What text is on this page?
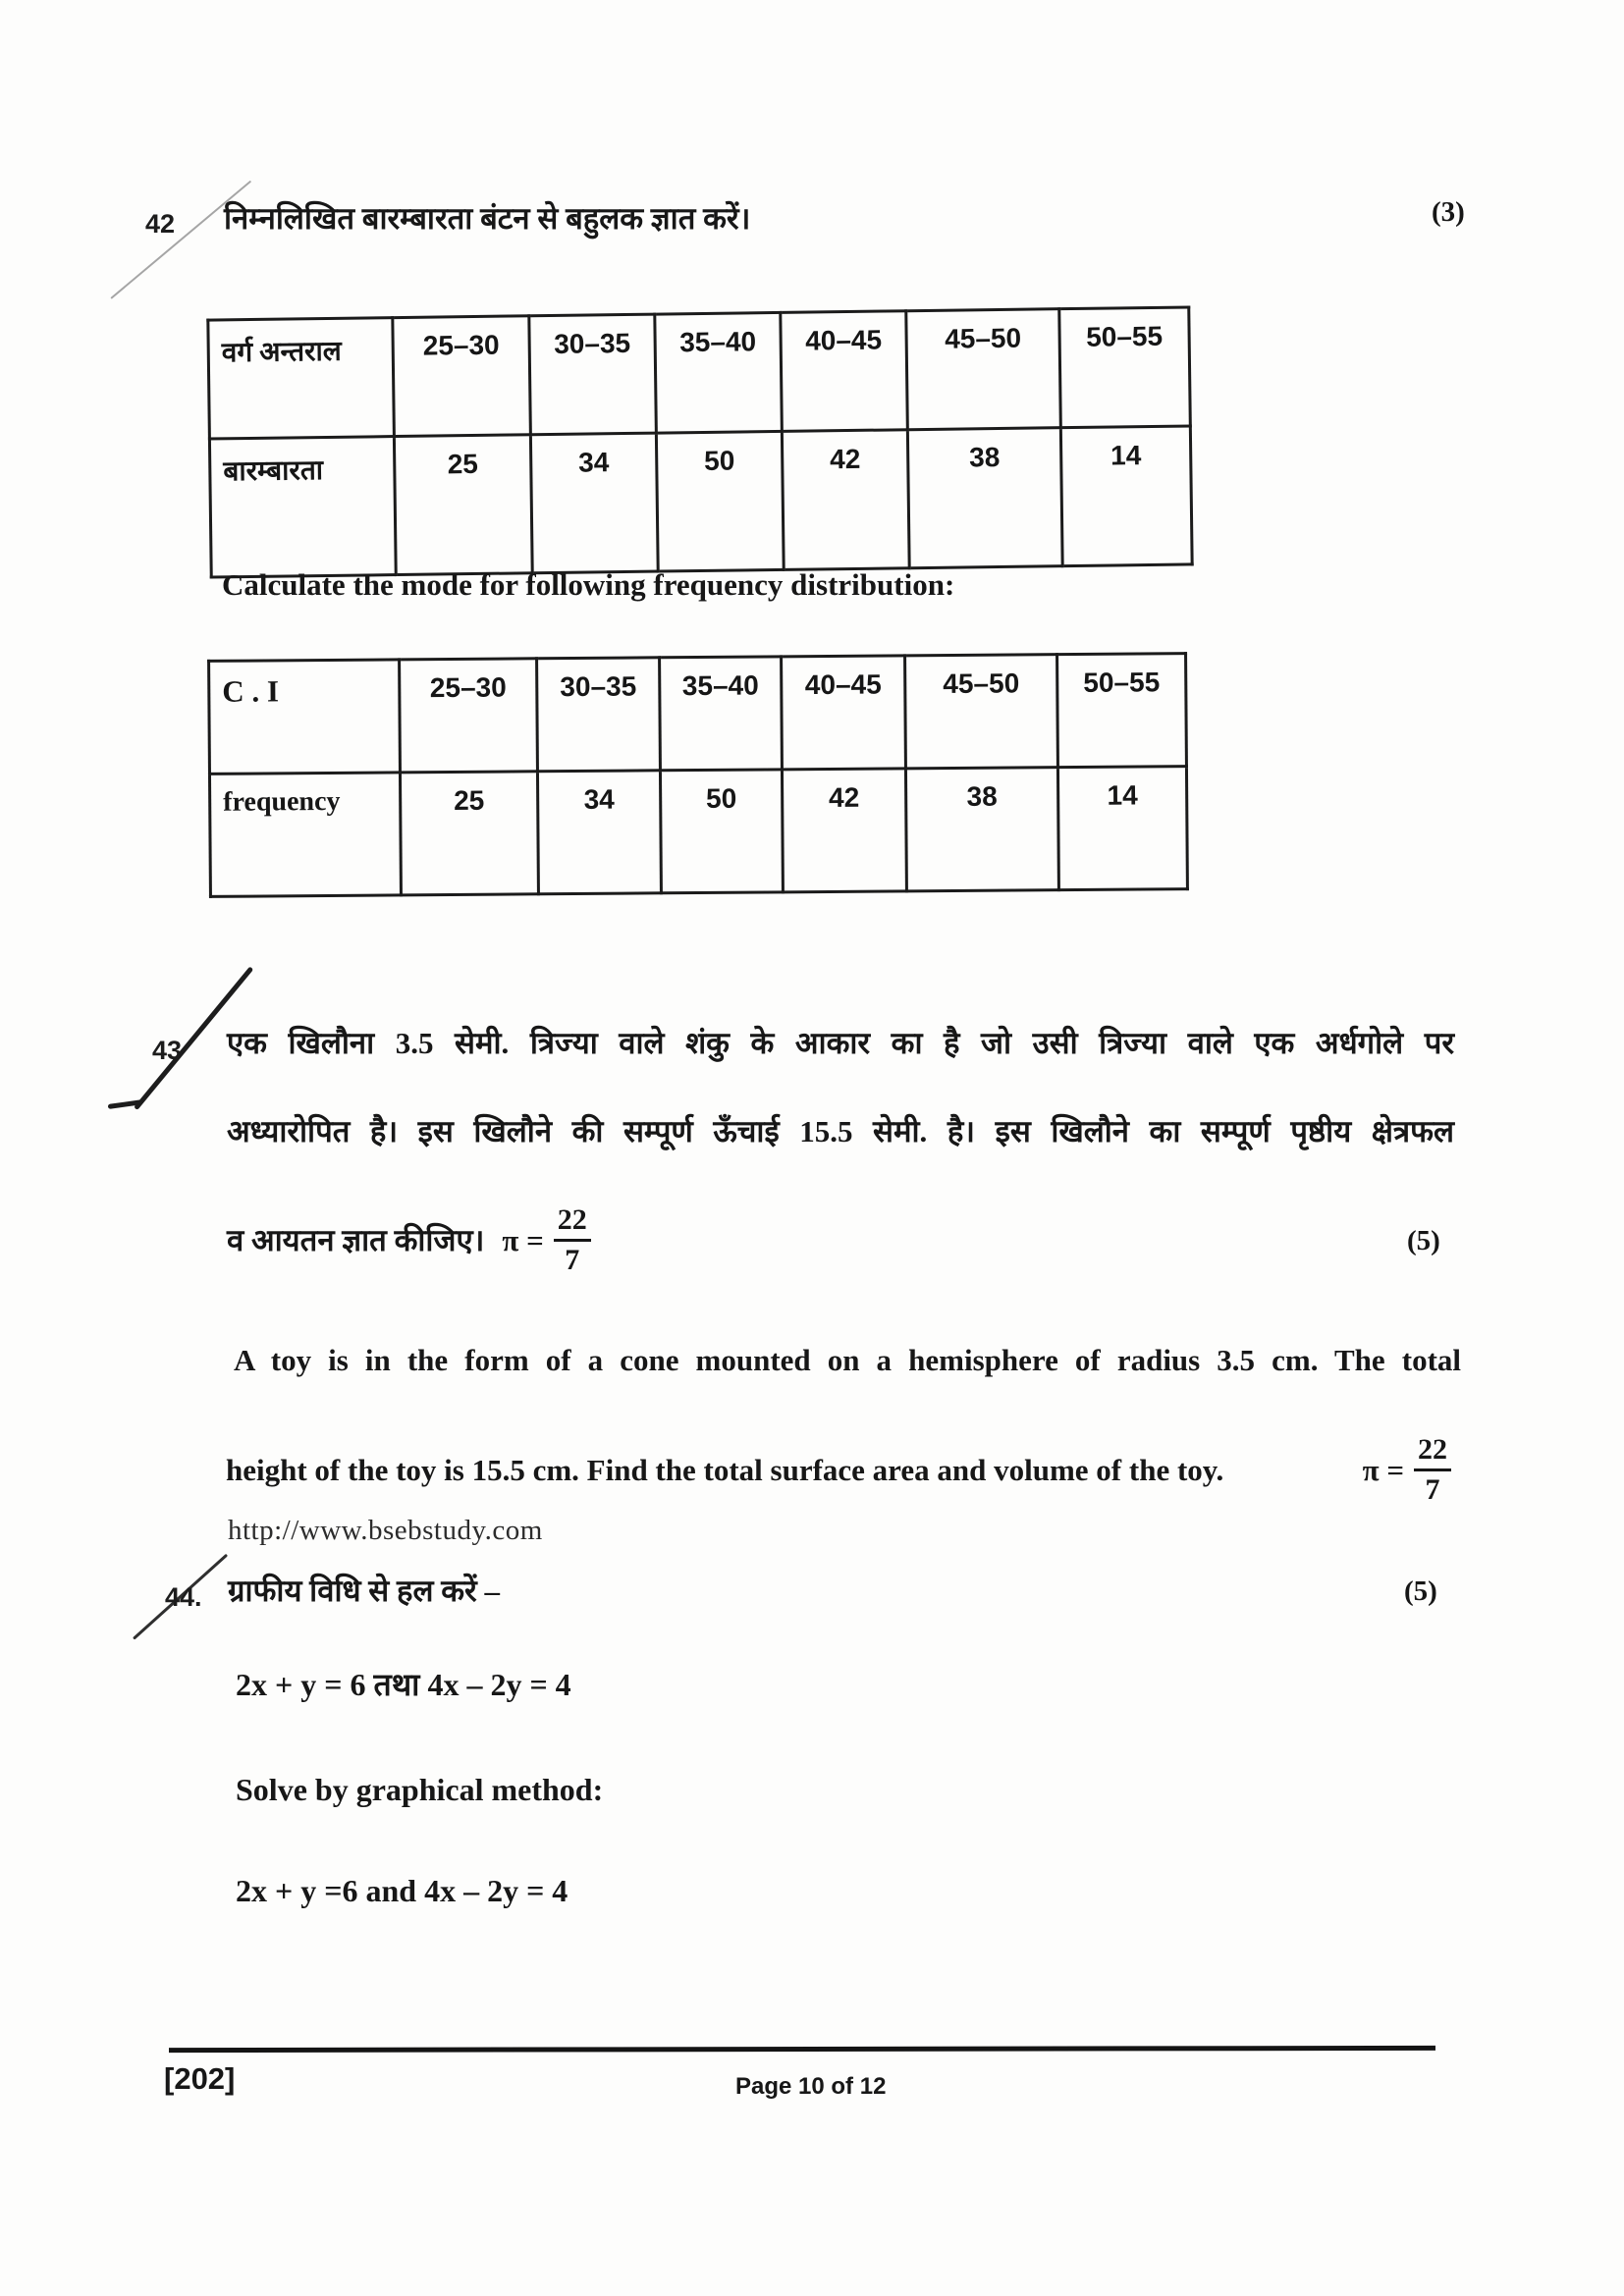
42 निम्नलिखित बारम्बारता बंटन से बहुलक ज्ञात करें।	(3)
वर्ग अन्तराल	25–30	30–35	35–40	40–45	45–50	50–55
बारम्बारता	25	34	50	42	38	14
Calculate the mode for following frequency distribution:
C . I	25–30	30–35	35–40	40–45	45–50	50–55
frequency	25	34	50	42	38	14
43 एक खिलौना 3.5 सेमी. त्रिज्या वाले शंकु के आकार का है जो उसी त्रिज्या वाले एक अर्धगोले पर
अध्यारोपित है। इस खिलौने की सम्पूर्ण ऊँचाई 15.5 सेमी. है। इस खिलौने का सम्पूर्ण पृष्ठीय क्षेत्रफल
व आयतन ज्ञात कीजिए। $\pi = \frac{22}{7}$	(5)
A toy is in the form of a cone mounted on a hemisphere of radius 3.5 cm. The total
height of the toy is 15.5 cm. Find the total surface area and volume of the toy.	$\pi = \frac{22}{7}$
http://www.bsebstudy.com
44. ग्राफीय विधि से हल करें –	(5)
2x + y = 6 तथा 4x – 2y = 4
Solve by graphical method:
2x + y =6 and 4x – 2y = 4
[202]	Page 10 of 12
